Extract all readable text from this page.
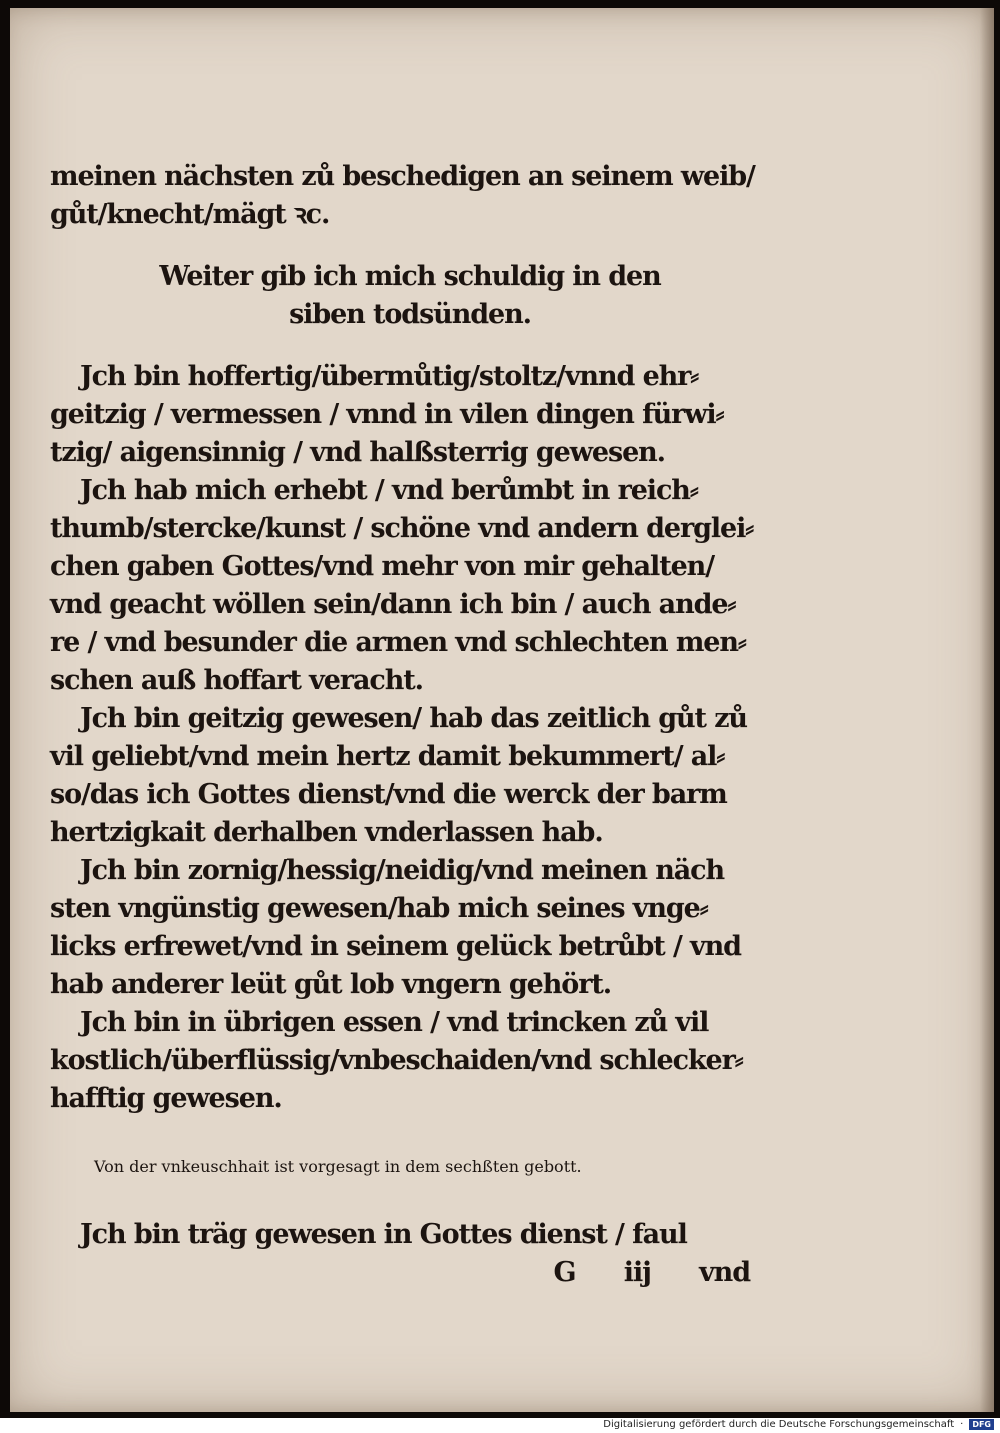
meinen nächsten zů beschedigen an seinem weib/
gůt/knecht/mägt ꝛc.
Weiter gib ich mich schuldig in den
siben todsünden.
Jch bin hoffertig/übermůtig/stoltz/vnnd ehr⸗
geitzig / vermessen / vnnd in vilen dingen fürwi⸗
tzig/ aigensinnig / vnd halßsterrig gewesen.
Jch hab mich erhebt / vnd berůmbt in reich⸗
thumb/stercke/kunst / schöne vnd andern derglei⸗
chen gaben Gottes/vnd mehr von mir gehalten/
vnd geacht wöllen sein/dann ich bin / auch ande⸗
re / vnd besunder die armen vnd schlechten men⸗
schen auß hoffart veracht.
Jch bin geitzig gewesen/ hab das zeitlich gůt zů
vil geliebt/vnd mein hertz damit bekummert/ al⸗
so/das ich Gottes dienst/vnd die werck der barm
hertzigkait derhalben vnderlassen hab.
Jch bin zornig/hessig/neidig/vnd meinen näch
sten vngünstig gewesen/hab mich seines vnge⸗
licks erfrewet/vnd in seinem gelück betrůbt / vnd
hab anderer leüt gůt lob vngern gehört.
Jch bin in übrigen essen / vnd trincken zů vil
kostlich/überflüssig/vnbeschaiden/vnd schlecker⸗
hafftig gewesen.
Von der vnkeuschhait ist vorgesagt in dem sechßten gebott.
Jch bin träg gewesen in Gottes dienst / faul
G iij vnd
Digitalisierung gefördert durch die Deutsche Forschungsgemeinschaft ·	DFG
